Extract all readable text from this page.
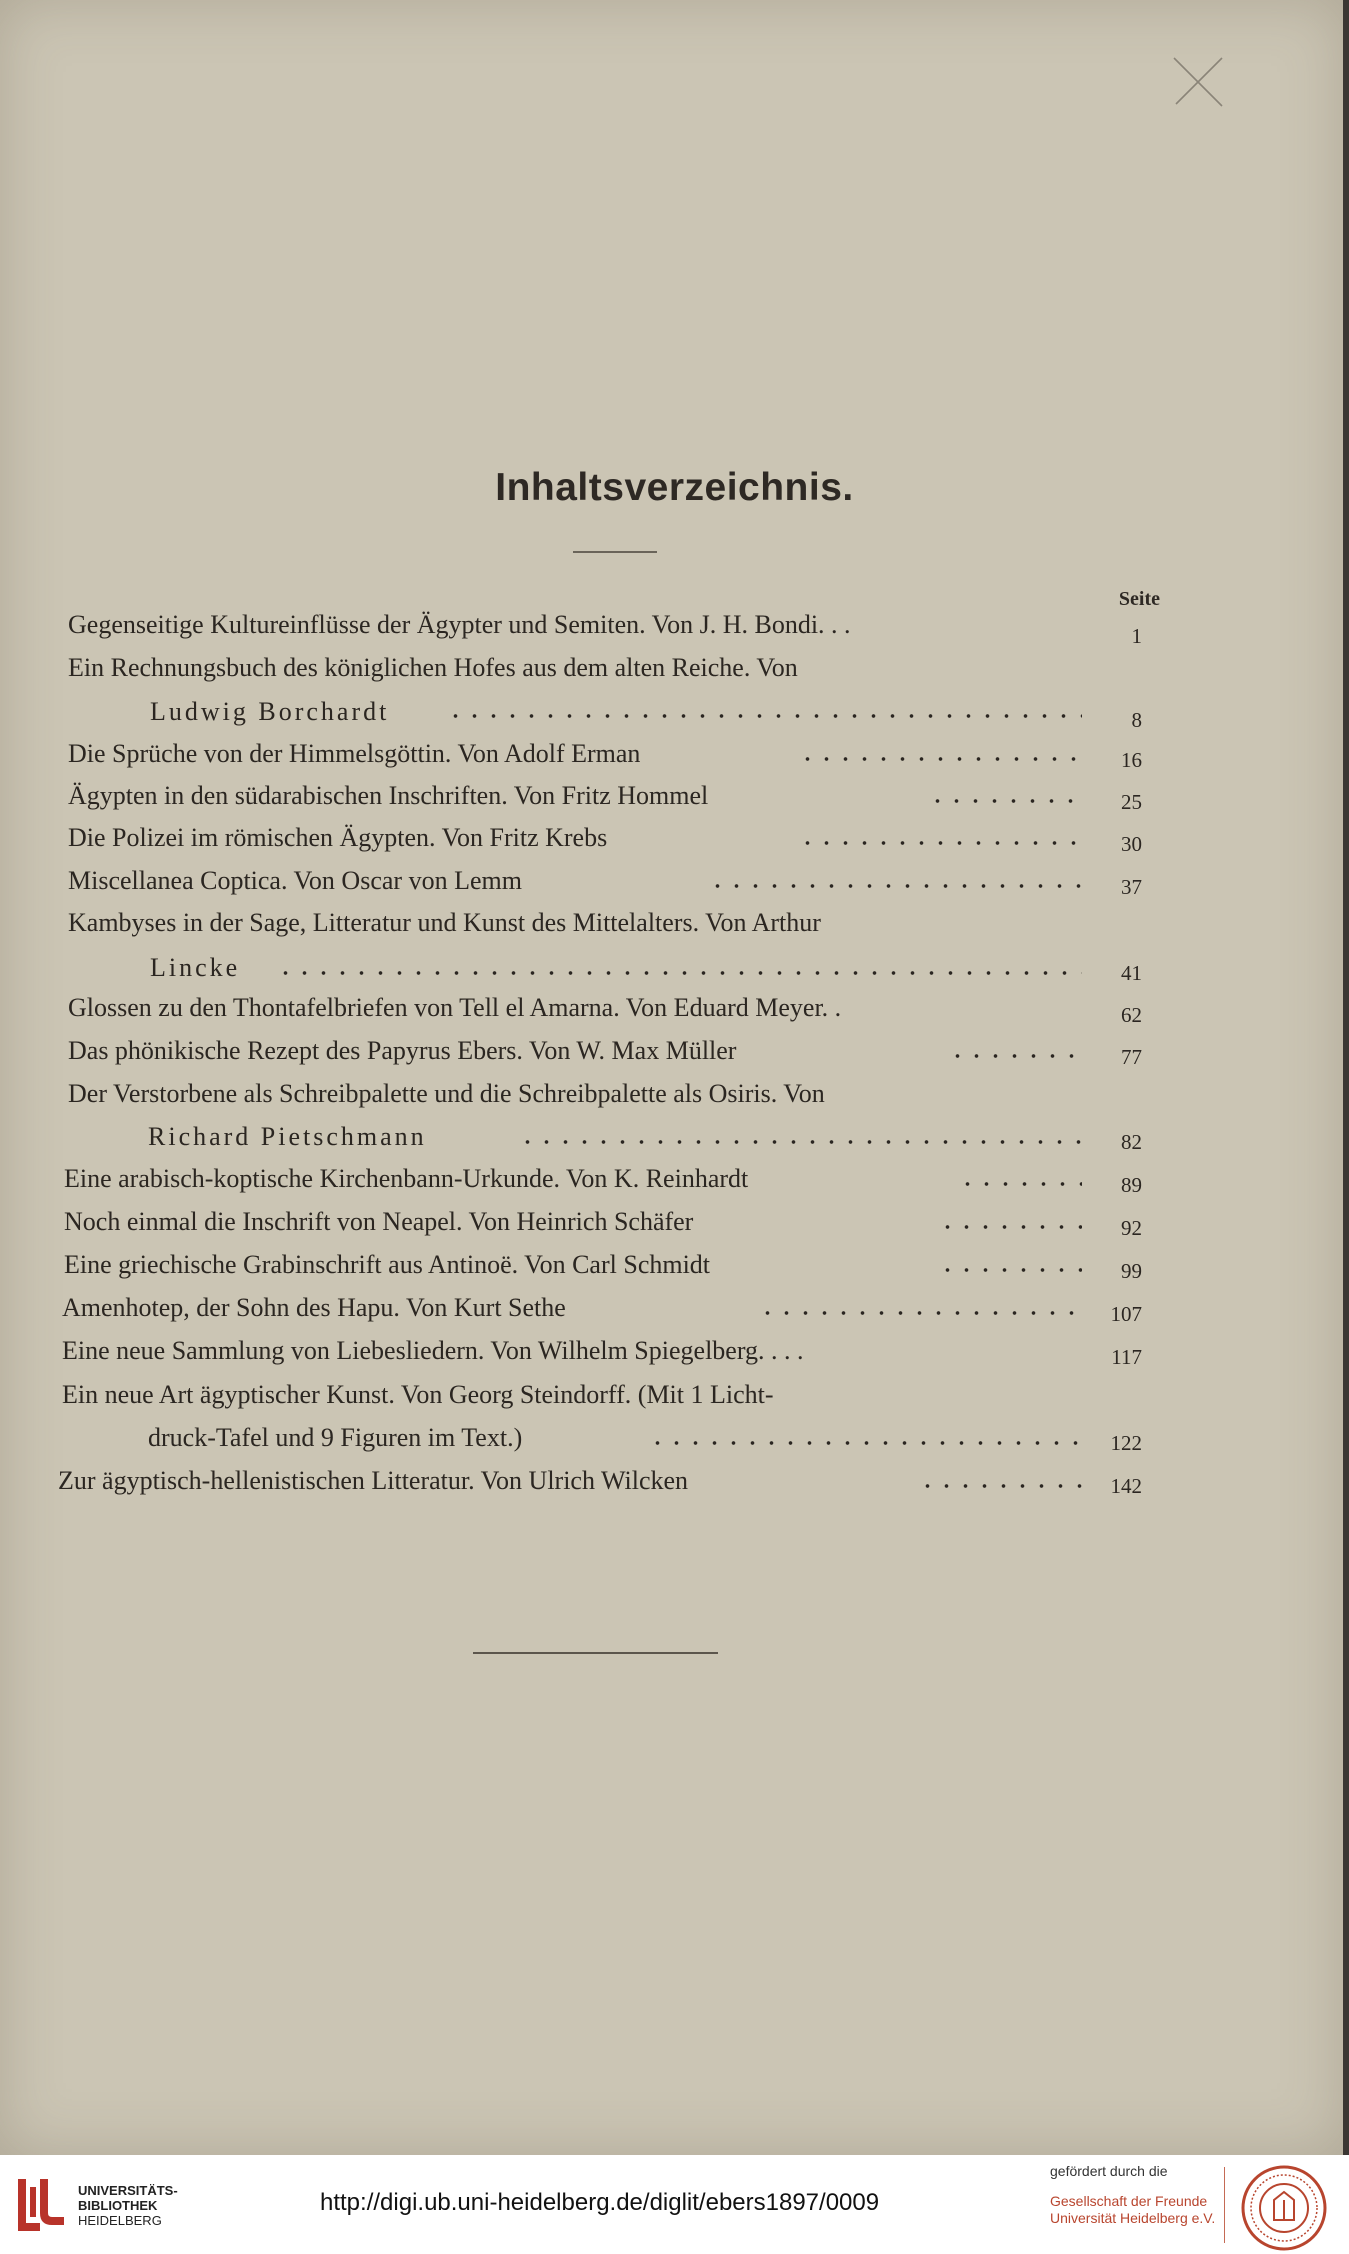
Inhaltsverzeichnis.
Seite
Gegenseitige Kultureinflüsse der Ägypter und Semiten. Von J. H. Bondi. . .	1
Ein Rechnungsbuch des königlichen Hofes aus dem alten Reiche. Von
Ludwig Borchardt	8
Die Sprüche von der Himmelsgöttin. Von Adolf Erman	16
Ägypten in den südarabischen Inschriften. Von Fritz Hommel	25
Die Polizei im römischen Ägypten. Von Fritz Krebs	30
Miscellanea Coptica. Von Oscar von Lemm	37
Kambyses in der Sage, Litteratur und Kunst des Mittelalters. Von Arthur
Lincke	41
Glossen zu den Thontafelbriefen von Tell el Amarna. Von Eduard Meyer. .	62
Das phönikische Rezept des Papyrus Ebers. Von W. Max Müller	77
Der Verstorbene als Schreibpalette und die Schreibpalette als Osiris. Von
Richard Pietschmann	82
Eine arabisch-koptische Kirchenbann-Urkunde. Von K. Reinhardt	89
Noch einmal die Inschrift von Neapel. Von Heinrich Schäfer	92
Eine griechische Grabinschrift aus Antinoë. Von Carl Schmidt	99
Amenhotep, der Sohn des Hapu. Von Kurt Sethe	107
Eine neue Sammlung von Liebesliedern. Von Wilhelm Spiegelberg. . . .	117
Ein neue Art ägyptischer Kunst. Von Georg Steindorff. (Mit 1 Licht-
druck-Tafel und 9 Figuren im Text.)	122
Zur ägyptisch-hellenistischen Litteratur. Von Ulrich Wilcken	142
UNIVERSITÄTS-
BIBLIOTHEK
HEIDELBERG
http://digi.ub.uni-heidelberg.de/diglit/ebers1897/0009
gefördert durch die
Gesellschaft der Freunde
Universität Heidelberg e.V.
